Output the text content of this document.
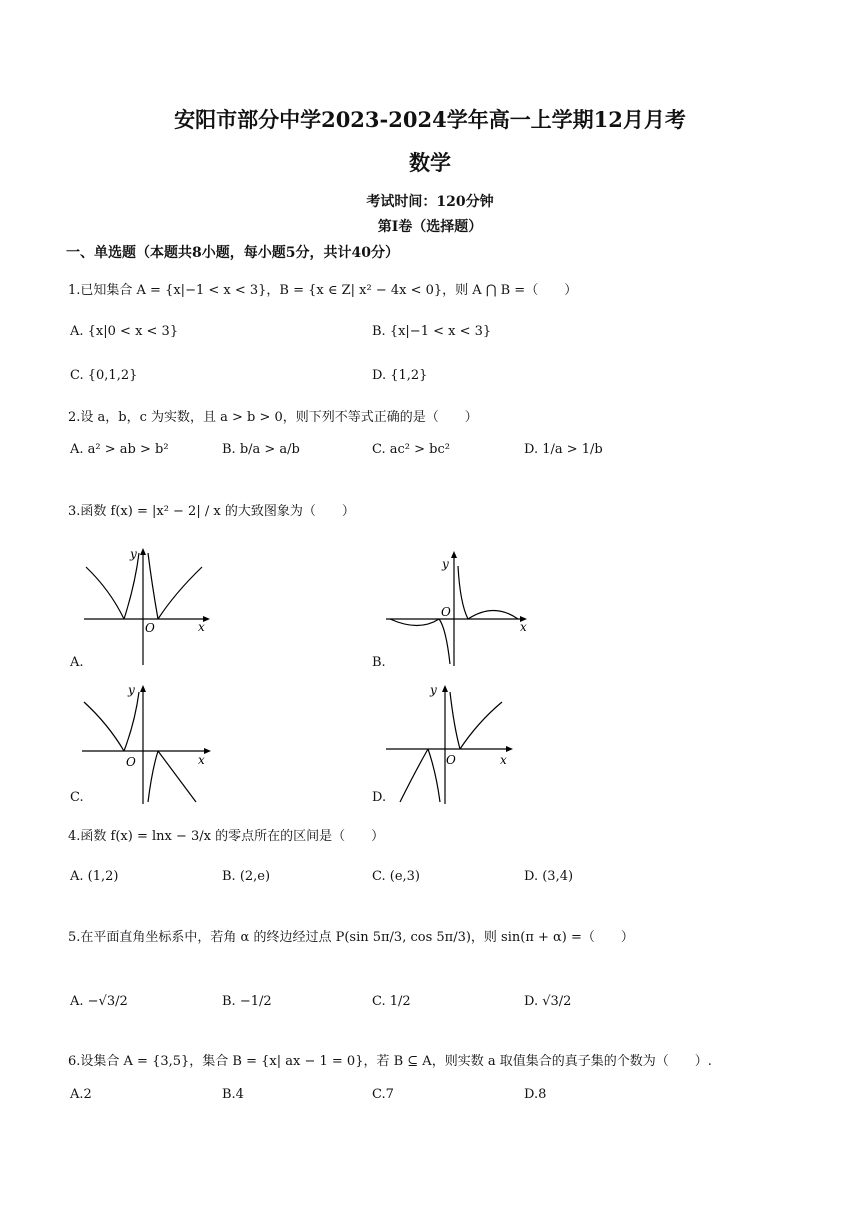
安阳市部分中学2023-2024学年高一上学期12月月考
数学
考试时间：120分钟
第Ⅰ卷（选择题）
一、单选题（本题共8小题，每小题5分，共计40分）
1.已知集合 A = {x|−1 < x < 3}，B = {x ∈ Z| x² − 4x < 0}，则 A ⋂ B =（　　）
A. {x|0 < x < 3}	B. {x|−1 < x < 3}
C. {0,1,2}	D. {1,2}
2.设 a，b，c 为实数，且 a > b > 0，则下列不等式正确的是（　　）
A. a² > ab > b²	B. b/a > a/b	C. ac² > bc²	D. 1/a > 1/b
3.函数 f(x) = |x² − 2| / x 的大致图象为（　　）
y
x
O
A.
y
x
O
B.
y
x
O
C.
y
x
O
D.
4.函数 f(x) = lnx − 3/x 的零点所在的区间是（　　）
A. (1,2)	B. (2,e)	C. (e,3)	D. (3,4)
5.在平面直角坐标系中，若角 α 的终边经过点 P(sin 5π/3, cos 5π/3)，则 sin(π + α) =（　　）
A. −√3/2	B. −1/2	C. 1/2	D. √3/2
6.设集合 A = {3,5}，集合 B = {x| ax − 1 = 0}，若 B ⊆ A，则实数 a 取值集合的真子集的个数为（　　）.
A.2	B.4	C.7	D.8
